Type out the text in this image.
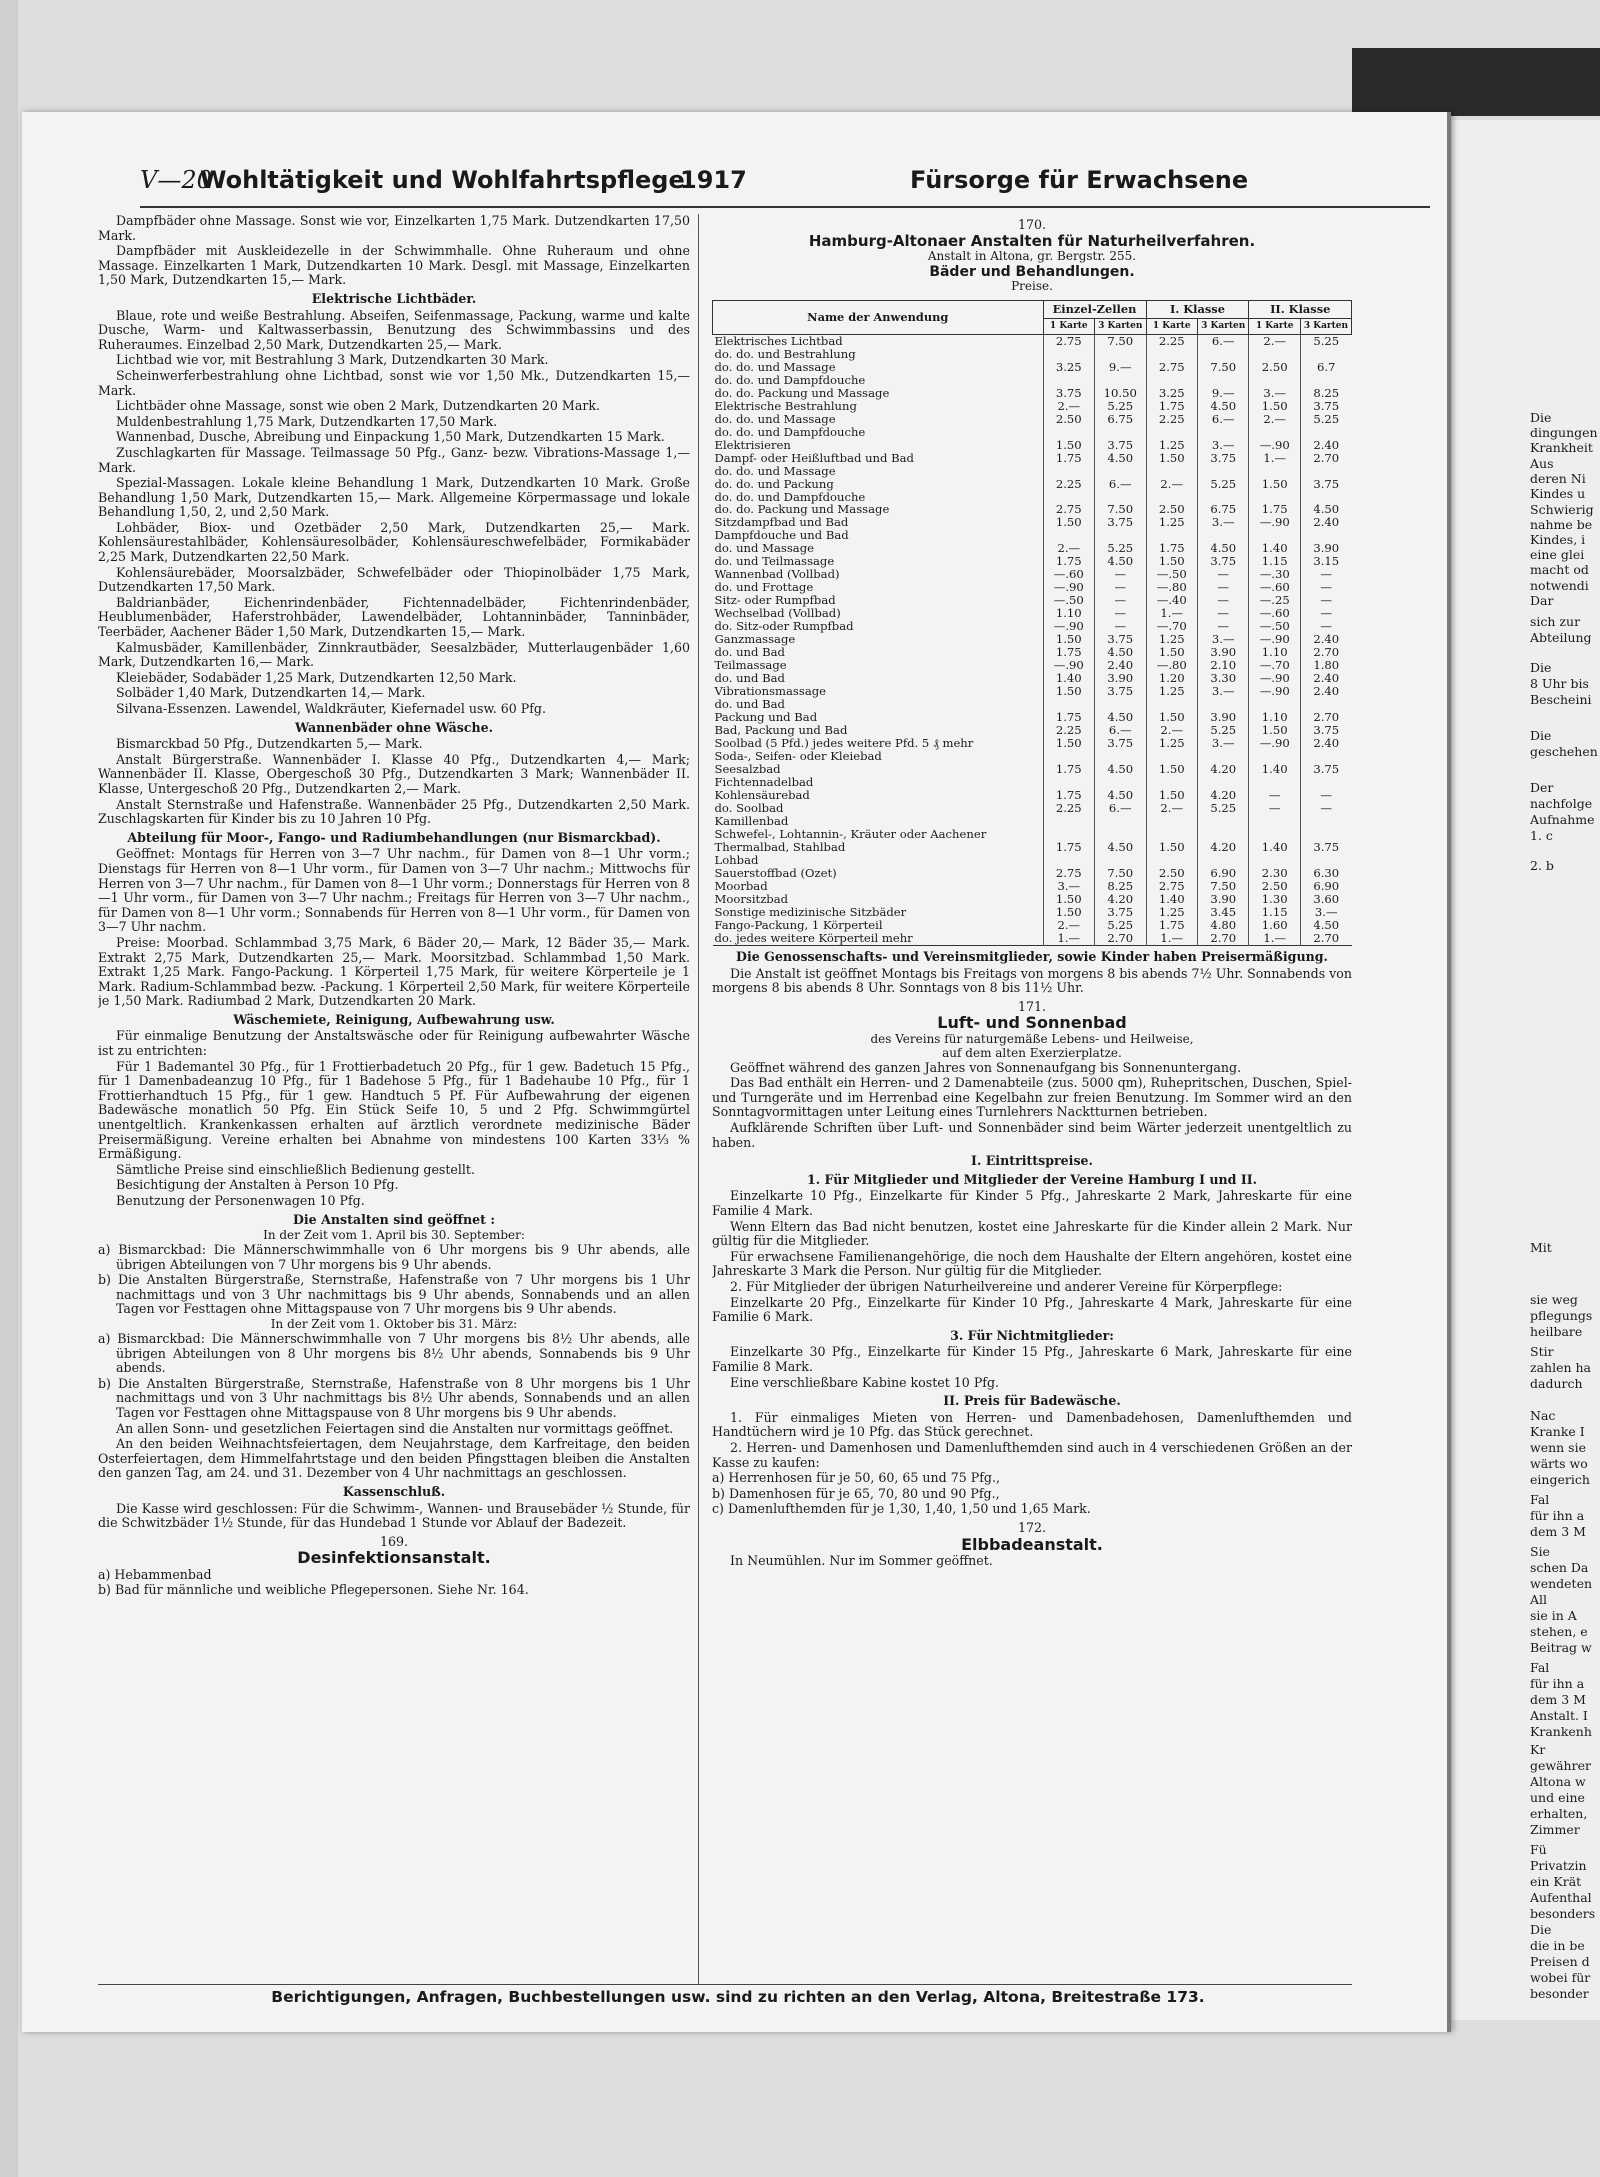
Die
dingungen
Krankheit
Aus
deren Ni
Kindes u
Schwierig
nahme be
Kindes, i
eine glei
macht od
notwendi
Dar
sich zur
Abteilung
Die
8 Uhr bis
Bescheini
Die
geschehen
Der
nachfolge
Aufnahme
1. c
2. b
Mit
sie weg
pflegungs
heilbare
Stir
zahlen ha
dadurch
Nac
Kranke I
wenn sie
wärts wo
eingerich
Fal
für ihn a
dem 3 M
Sie
schen Da
wendeten
All
sie in A
stehen, e
Beitrag w
Fal
für ihn a
dem 3 M
Anstalt. I
Krankenh
Kr
gewährer
Altona w
und eine
erhalten,
Zimmer
Fü
Privatzin
ein Krät
Aufenthal
besonders
Die
die in be
Preisen d
wobei für
besonder
V—20
Wohltätigkeit und Wohlfahrtspflege
1917	Fürsorge für Erwachsene

Dampfbäder ohne Massage. Sonst wie vor, Einzelkarten 1,75 Mark. Dutzendkarten 17,50 Mark.

Dampfbäder mit Auskleidezelle in der Schwimmhalle. Ohne Ruheraum und ohne Massage. Einzelkarten 1 Mark, Dutzendkarten 10 Mark. Desgl. mit Massage, Einzelkarten 1,50 Mark, Dutzendkarten 15,— Mark.

Elektrische Lichtbäder.

Blaue, rote und weiße Bestrahlung. Abseifen, Seifenmassage, Packung, warme und kalte Dusche, Warm- und Kaltwasserbassin, Benutzung des Schwimmbassins und des Ruheraumes. Einzelbad 2,50 Mark, Dutzendkarten 25,— Mark.

Lichtbad wie vor, mit Bestrahlung 3 Mark, Dutzendkarten 30 Mark.

Scheinwerferbestrahlung ohne Lichtbad, sonst wie vor 1,50 Mk., Dutzendkarten 15,— Mark.

Lichtbäder ohne Massage, sonst wie oben 2 Mark, Dutzendkarten 20 Mark.

Muldenbestrahlung 1,75 Mark, Dutzendkarten 17,50 Mark.

Wannenbad, Dusche, Abreibung und Einpackung 1,50 Mark, Dutzendkarten 15 Mark.

Zuschlagkarten für Massage. Teilmassage 50 Pfg., Ganz- bezw. Vibrations-Massage 1,— Mark.

Spezial-Massagen. Lokale kleine Behandlung 1 Mark, Dutzendkarten 10 Mark. Große Behandlung 1,50 Mark, Dutzendkarten 15,— Mark. Allgemeine Körpermassage und lokale Behandlung 1,50, 2, und 2,50 Mark.

Lohbäder, Biox- und Ozetbäder 2,50 Mark, Dutzendkarten 25,— Mark. Kohlensäurestahlbäder, Kohlensäuresolbäder, Kohlensäureschwefelbäder, Formikabäder 2,25 Mark, Dutzendkarten 22,50 Mark.

Kohlensäurebäder, Moorsalzbäder, Schwefelbäder oder Thiopinolbäder 1,75 Mark, Dutzendkarten 17,50 Mark.

Baldrianbäder, Eichenrindenbäder, Fichtennadelbäder, Fichtenrindenbäder, Heublumenbäder, Haferstrohbäder, Lawendelbäder, Lohtanninbäder, Tanninbäder, Teerbäder, Aachener Bäder 1,50 Mark, Dutzendkarten 15,— Mark.

Kalmusbäder, Kamillenbäder, Zinnkrautbäder, Seesalzbäder, Mutterlaugenbäder 1,60 Mark, Dutzendkarten 16,— Mark.

Kleiebäder, Sodabäder 1,25 Mark, Dutzendkarten 12,50 Mark.

Solbäder 1,40 Mark, Dutzendkarten 14,— Mark.

Silvana-Essenzen. Lawendel, Waldkräuter, Kiefernadel usw. 60 Pfg.

Wannenbäder ohne Wäsche.

Bismarckbad 50 Pfg., Dutzendkarten 5,— Mark.

Anstalt Bürgerstraße. Wannenbäder I. Klasse 40 Pfg., Dutzendkarten 4,— Mark; Wannenbäder II. Klasse, Obergeschoß 30 Pfg., Dutzendkarten 3 Mark; Wannenbäder II. Klasse, Untergeschoß 20 Pfg., Dutzendkarten 2,— Mark.

Anstalt Sternstraße und Hafenstraße. Wannenbäder 25 Pfg., Dutzendkarten 2,50 Mark. Zuschlagskarten für Kinder bis zu 10 Jahren 10 Pfg.

Abteilung für Moor-, Fango- und Radiumbehandlungen (nur Bismarckbad).

Geöffnet: Montags für Herren von 3—7 Uhr nachm., für Damen von 8—1 Uhr vorm.; Dienstags für Herren von 8—1 Uhr vorm., für Damen von 3—7 Uhr nachm.; Mittwochs für Herren von 3—7 Uhr nachm., für Damen von 8—1 Uhr vorm.; Donnerstags für Herren von 8—1 Uhr vorm., für Damen von 3—7 Uhr nachm.; Freitags für Herren von 3—7 Uhr nachm., für Damen von 8—1 Uhr vorm.; Sonnabends für Herren von 8—1 Uhr vorm., für Damen von 3—7 Uhr nachm.

Preise: Moorbad. Schlammbad 3,75 Mark, 6 Bäder 20,— Mark, 12 Bäder 35,— Mark. Extrakt 2,75 Mark, Dutzendkarten 25,— Mark. Moorsitzbad. Schlammbad 1,50 Mark. Extrakt 1,25 Mark. Fango-Packung. 1 Körperteil 1,75 Mark, für weitere Körperteile je 1 Mark. Radium-Schlammbad bezw. -Packung. 1 Körperteil 2,50 Mark, für weitere Körperteile je 1,50 Mark. Radiumbad 2 Mark, Dutzendkarten 20 Mark.

Wäschemiete, Reinigung, Aufbewahrung usw.

Für einmalige Benutzung der Anstaltswäsche oder für Reinigung aufbewahrter Wäsche ist zu entrichten:

Für 1 Bademantel 30 Pfg., für 1 Frottierbadetuch 20 Pfg., für 1 gew. Badetuch 15 Pfg., für 1 Damenbadeanzug 10 Pfg., für 1 Badehose 5 Pfg., für 1 Badehaube 10 Pfg., für 1 Frottierhandtuch 15 Pfg., für 1 gew. Handtuch 5 Pf. Für Aufbewahrung der eigenen Badewäsche monatlich 50 Pfg. Ein Stück Seife 10, 5 und 2 Pfg. Schwimmgürtel unentgeltlich. Krankenkassen erhalten auf ärztlich verordnete medizinische Bäder Preisermäßigung. Vereine erhalten bei Abnahme von mindestens 100 Karten 33⅓ % Ermäßigung.

Sämtliche Preise sind einschließlich Bedienung gestellt.

Besichtigung der Anstalten à Person 10 Pfg.

Benutzung der Personenwagen 10 Pfg.

Die Anstalten sind geöffnet :
In der Zeit vom 1. April bis 30. September:

a) Bismarckbad: Die Männerschwimmhalle von 6 Uhr morgens bis 9 Uhr abends, alle übrigen Abteilungen von 7 Uhr morgens bis 9 Uhr abends.

b) Die Anstalten Bürgerstraße, Sternstraße, Hafenstraße von 7 Uhr morgens bis 1 Uhr nachmittags und von 3 Uhr nachmittags bis 9 Uhr abends, Sonnabends und an allen Tagen vor Festtagen ohne Mittagspause von 7 Uhr morgens bis 9 Uhr abends.

In der Zeit vom 1. Oktober bis 31. März:

a) Bismarckbad: Die Männerschwimmhalle von 7 Uhr morgens bis 8½ Uhr abends, alle übrigen Abteilungen von 8 Uhr morgens bis 8½ Uhr abends, Sonnabends bis 9 Uhr abends.

b) Die Anstalten Bürgerstraße, Sternstraße, Hafenstraße von 8 Uhr morgens bis 1 Uhr nachmittags und von 3 Uhr nachmittags bis 8½ Uhr abends, Sonnabends und an allen Tagen vor Festtagen ohne Mittagspause von 8 Uhr morgens bis 9 Uhr abends.

An allen Sonn- und gesetzlichen Feiertagen sind die Anstalten nur vormittags geöffnet.

An den beiden Weihnachtsfeiertagen, dem Neujahrstage, dem Karfreitage, den beiden Osterfeiertagen, dem Himmelfahrtstage und den beiden Pfingsttagen bleiben die Anstalten den ganzen Tag, am 24. und 31. Dezember von 4 Uhr nachmittags an geschlossen.

Kassenschluß.

Die Kasse wird geschlossen: Für die Schwimm-, Wannen- und Brausebäder ½ Stunde, für die Schwitzbäder 1½ Stunde, für das Hundebad 1 Stunde vor Ablauf der Badezeit.

169.
Desinfektionsanstalt.

a) Hebammenbad

b) Bad für männliche und weibliche Pflegepersonen. Siehe Nr. 164.

170.
Hamburg-Altonaer Anstalten für Naturheilverfahren.
Anstalt in Altona, gr. Bergstr. 255.
Bäder und Behandlungen.
Preise.
Name der Anwendung	Einzel-Zellen		I. Klasse		II. Klasse	
	1 Karte	3 Karten	1 Karte	3 Karten	1 Karte	3 Karten
Elektrisches Lichtbad	2.75	7.50	2.25	6.—	2.—	5.25
do. do. und Bestrahlung						
do. do. und Massage	3.25	9.—	2.75	7.50	2.50	6.7
do. do. und Dampfdouche						
do. do. Packung und Massage	3.75	10.50	3.25	9.—	3.—	8.25
Elektrische Bestrahlung	2.—	5.25	1.75	4.50	1.50	3.75
do. do. und Massage	2.50	6.75	2.25	6.—	2.—	5.25
do. do. und Dampfdouche						
Elektrisieren	1.50	3.75	1.25	3.—	—.90	2.40
Dampf- oder Heißluftbad und Bad	1.75	4.50	1.50	3.75	1.—	2.70
do. do. und Massage						
do. do. und Packung	2.25	6.—	2.—	5.25	1.50	3.75
do. do. und Dampfdouche						
do. do. Packung und Massage	2.75	7.50	2.50	6.75	1.75	4.50
Sitzdampfbad und Bad	1.50	3.75	1.25	3.—	—.90	2.40
Dampfdouche und Bad						
do. und Massage	2.—	5.25	1.75	4.50	1.40	3.90
do. und Teilmassage	1.75	4.50	1.50	3.75	1.15	3.15
Wannenbad (Vollbad)	—.60	—	—.50	—	—.30	—
do. und Frottage	—.90	—	—.80	—	—.60	—
Sitz- oder Rumpfbad	—.50	—	—.40	—	—.25	—
Wechselbad (Vollbad)	1.10	—	1.—	—	—.60	—
do. Sitz-oder Rumpfbad	—.90	—	—.70	—	—.50	—
Ganzmassage	1.50	3.75	1.25	3.—	—.90	2.40
do. und Bad	1.75	4.50	1.50	3.90	1.10	2.70
Teilmassage	—.90	2.40	—.80	2.10	—.70	1.80
do. und Bad	1.40	3.90	1.20	3.30	—.90	2.40
Vibrationsmassage	1.50	3.75	1.25	3.—	—.90	2.40
do. und Bad						
Packung und Bad	1.75	4.50	1.50	3.90	1.10	2.70
Bad, Packung und Bad	2.25	6.—	2.—	5.25	1.50	3.75
Soolbad (5 Pfd.) jedes weitere Pfd. 5 ₰ mehr	1.50	3.75	1.25	3.—	—.90	2.40
Soda-, Seifen- oder Kleiebad						
Seesalzbad	1.75	4.50	1.50	4.20	1.40	3.75
Fichtennadelbad						
Kohlensäurebad	1.75	4.50	1.50	4.20	—	—
do. Soolbad	2.25	6.—	2.—	5.25	—	—
Kamillenbad						
Schwefel-, Lohtannin-, Kräuter oder Aachener Thermalbad, Stahlbad	1.75	4.50	1.50	4.20	1.40	3.75
Lohbad						
Sauerstoffbad (Ozet)	2.75	7.50	2.50	6.90	2.30	6.30
Moorbad	3.—	8.25	2.75	7.50	2.50	6.90
Moorsitzbad	1.50	4.20	1.40	3.90	1.30	3.60
Sonstige medizinische Sitzbäder	1.50	3.75	1.25	3.45	1.15	3.—
Fango-Packung, 1 Körperteil	2.—	5.25	1.75	4.80	1.60	4.50
do. jedes weitere Körperteil mehr	1.—	2.70	1.—	2.70	1.—	2.70
Die Genossenschafts- und Vereinsmitglieder, sowie Kinder haben Preisermäßigung.

Die Anstalt ist geöffnet Montags bis Freitags von morgens 8 bis abends 7½ Uhr. Sonnabends von morgens 8 bis abends 8 Uhr. Sonntags von 8 bis 11½ Uhr.

171.
Luft- und Sonnenbad
des Vereins für naturgemäße Lebens- und Heilweise,
auf dem alten Exerzierplatze.

Geöffnet während des ganzen Jahres von Sonnenaufgang bis Sonnenuntergang.

Das Bad enthält ein Herren- und 2 Damenabteile (zus. 5000 qm), Ruhepritschen, Duschen, Spiel- und Turngeräte und im Herrenbad eine Kegelbahn zur freien Benutzung. Im Sommer wird an den Sonntagvormittagen unter Leitung eines Turnlehrers Nacktturnen betrieben.

Aufklärende Schriften über Luft- und Sonnenbäder sind beim Wärter jederzeit unentgeltlich zu haben.

I. Eintrittspreise.
1. Für Mitglieder und Mitglieder der Vereine Hamburg I und II.

Einzelkarte 10 Pfg., Einzelkarte für Kinder 5 Pfg., Jahreskarte 2 Mark, Jahreskarte für eine Familie 4 Mark.

Wenn Eltern das Bad nicht benutzen, kostet eine Jahreskarte für die Kinder allein 2 Mark. Nur gültig für die Mitglieder.

Für erwachsene Familienangehörige, die noch dem Haushalte der Eltern angehören, kostet eine Jahreskarte 3 Mark die Person. Nur gültig für die Mitglieder.

2. Für Mitglieder der übrigen Naturheilvereine und anderer Vereine für Körperpflege:

Einzelkarte 20 Pfg., Einzelkarte für Kinder 10 Pfg., Jahreskarte 4 Mark, Jahreskarte für eine Familie 6 Mark.

3. Für Nichtmitglieder:

Einzelkarte 30 Pfg., Einzelkarte für Kinder 15 Pfg., Jahreskarte 6 Mark, Jahreskarte für eine Familie 8 Mark.

Eine verschließbare Kabine kostet 10 Pfg.

II. Preis für Badewäsche.

1. Für einmaliges Mieten von Herren- und Damenbadehosen, Damenlufthemden und Handtüchern wird je 10 Pfg. das Stück gerechnet.

2. Herren- und Damenhosen und Damenlufthemden sind auch in 4 verschiedenen Größen an der Kasse zu kaufen:

a) Herrenhosen für je 50, 60, 65 und 75 Pfg.,

b) Damenhosen für je 65, 70, 80 und 90 Pfg.,

c) Damenlufthemden für je 1,30, 1,40, 1,50 und 1,65 Mark.

172.
Elbbadeanstalt.

In Neumühlen. Nur im Sommer geöffnet.

Berichtigungen, Anfragen, Buchbestellungen usw. sind zu richten an den Verlag, Altona, Breitestraße 173.
